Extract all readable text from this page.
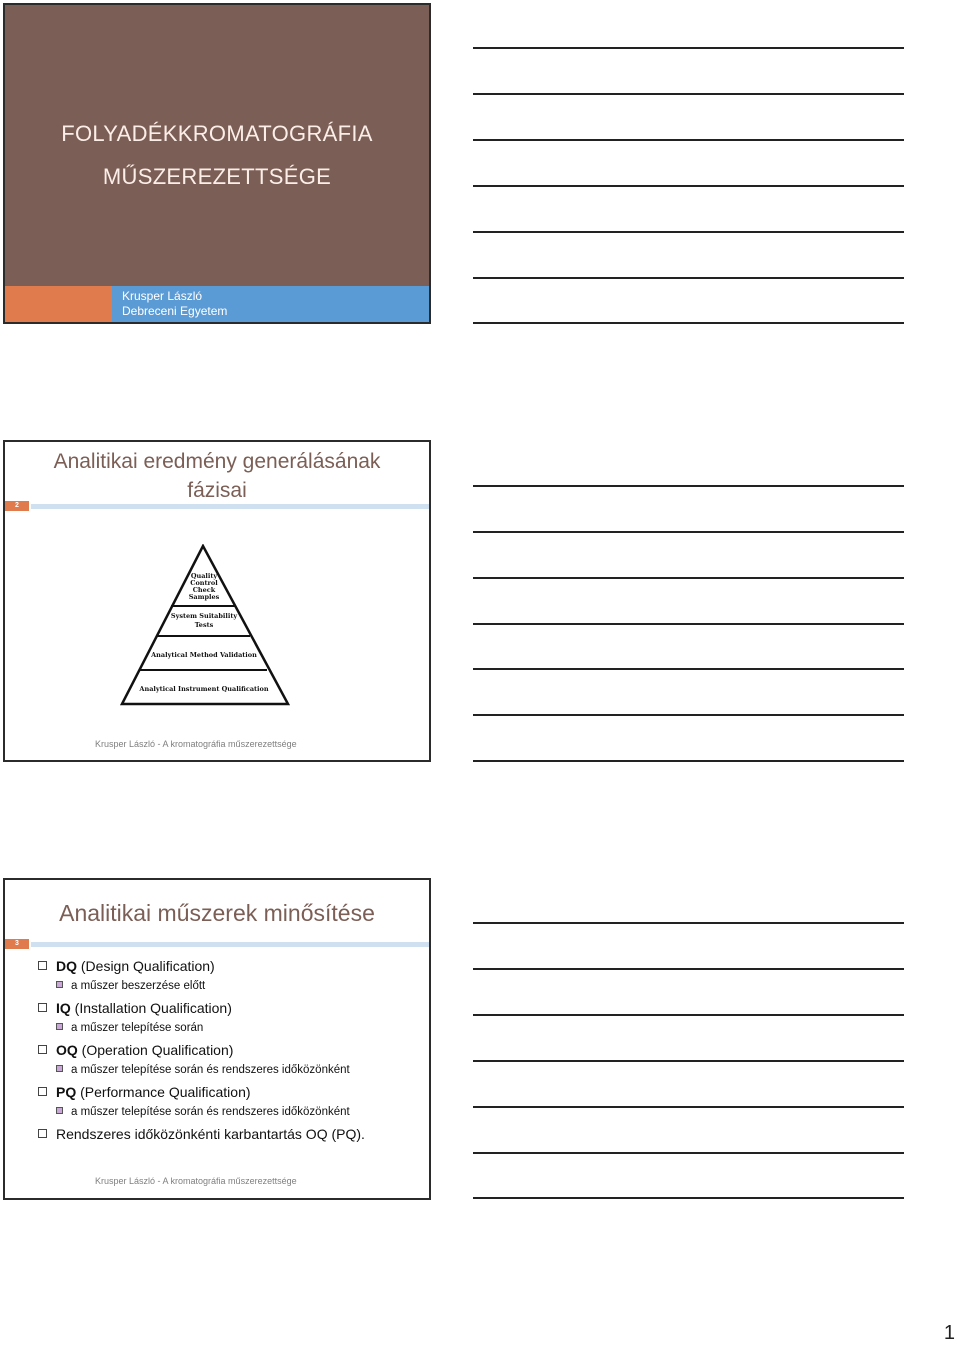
FOLYADÉKKROMATOGRÁFIA
MŰSZEREZETTSÉGE
Krusper László
Debreceni Egyetem
Analitikai eredmény generálásának
fázisai
2
Quality
Control
Check
Samples
System Suitability
Tests
Analytical Method Validation
Analytical Instrument Qualification
Krusper László - A kromatográfia műszerezettsége
Analitikai műszerek minősítése
3
DQ (Design Qualification)
a műszer beszerzése előtt
IQ (Installation Qualification)
a műszer telepítése során
OQ (Operation Qualification)
a műszer telepítése során és rendszeres időközönként
PQ (Performance Qualification)
a műszer telepítése során és rendszeres időközönként
Rendszeres időközönkénti karbantartás OQ (PQ).
Krusper László - A kromatográfia műszerezettsége
1
